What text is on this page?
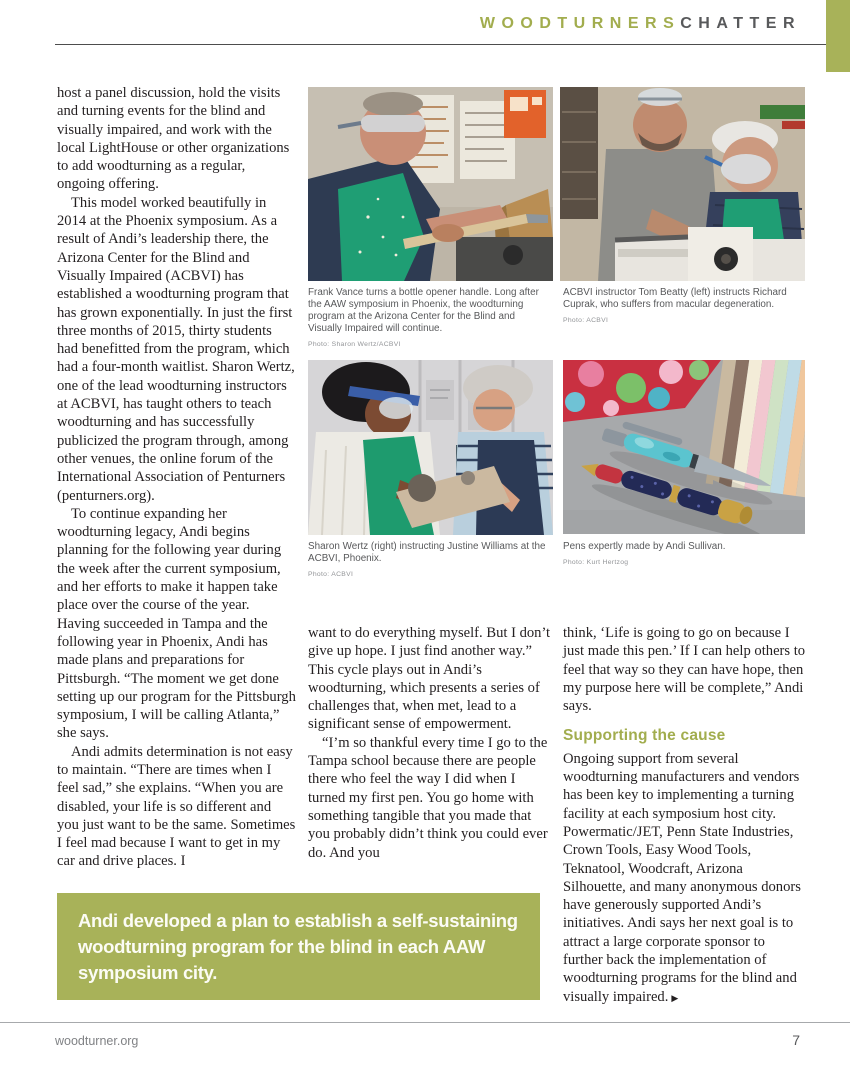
WOODTURNERSCHATTER

host a panel discussion, hold the visits and turning events for the blind and visually impaired, and work with the local LightHouse or other organizations to add woodturning as a regular, ongoing offering.

This model worked beautifully in 2014 at the Phoenix symposium. As a result of Andi’s leadership there, the Arizona Center for the Blind and Visually Impaired (ACBVI) has established a woodturning program that has grown exponentially. In just the first three months of 2015, thirty students had benefitted from the program, which had a four-month waitlist. Sharon Wertz, one of the lead woodturning instructors at ACBVI, has taught others to teach woodturning and has successfully publicized the program through, among other venues, the online forum of the International Association of Penturners (penturners.org).

To continue expanding her woodturning legacy, Andi begins planning for the following year during the week after the current symposium, and her efforts to make it happen take place over the course of the year. Having succeeded in Tampa and the following year in Phoenix, Andi has made plans and preparations for Pittsburgh. “The moment we get done setting up our program for the Pittsburgh symposium, I will be calling Atlanta,” she says.

Andi admits determination is not easy to maintain. “There are times when I feel sad,” she explains. “When you are disabled, your life is so different and you just want to be the same. Sometimes I feel mad because I want to get in my car and drive places. I

Frank Vance turns a bottle opener handle. Long after the AAW symposium in Phoenix, the woodturning program at the Arizona Center for the Blind and Visually Impaired will continue.
Photo: Sharon Wertz/ACBVI
ACBVI instructor Tom Beatty (left) instructs Richard Cuprak, who suffers from macular degeneration.
Photo: ACBVI
Sharon Wertz (right) instructing Justine Williams at the ACBVI, Phoenix.
Photo: ACBVI
Pens expertly made by Andi Sullivan.
Photo: Kurt Hertzog

want to do everything myself. But I don’t give up hope. I just find another way.” This cycle plays out in Andi’s woodturning, which presents a series of challenges that, when met, lead to a significant sense of empowerment.

“I’m so thankful every time I go to the Tampa school because there are people there who feel the way I did when I turned my first pen. You go home with something tangible that you made that you probably didn’t think you could ever do. And you

think, ‘Life is going to go on because I just made this pen.’ If I can help others to feel that way so they can have hope, then my purpose here will be complete,” Andi says.

Supporting the cause

Ongoing support from several woodturning manufacturers and vendors has been key to implementing a turning facility at each symposium host city. Powermatic/JET, Penn State Industries, Crown Tools, Easy Wood Tools, Teknatool, Woodcraft, Arizona Silhouette, and many anonymous donors have generously supported Andi’s initiatives. Andi says her next goal is to attract a large corporate sponsor to further back the implementation of woodturning programs for the blind and visually impaired. ▶

Andi developed a plan to establish a self-sustaining woodturning program for the blind in each AAW symposium city.
woodturner.org	7
